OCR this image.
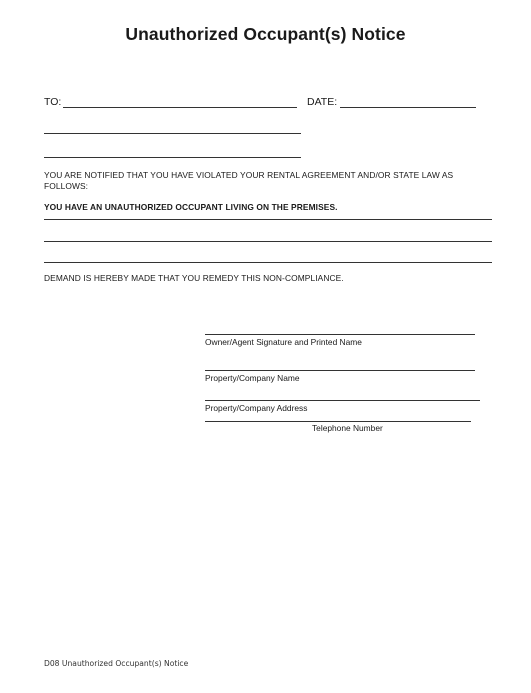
Unauthorized Occupant(s) Notice
TO:	DATE:
YOU ARE NOTIFIED THAT YOU HAVE VIOLATED YOUR RENTAL AGREEMENT AND/OR STATE LAW AS FOLLOWS:
YOU HAVE AN UNAUTHORIZED OCCUPANT LIVING ON THE PREMISES.
DEMAND IS HEREBY MADE THAT YOU REMEDY THIS NON-COMPLIANCE.
Owner/Agent Signature and Printed Name
Property/Company Name
Property/Company Address
Telephone Number
D08 Unauthorized Occupant(s) Notice
